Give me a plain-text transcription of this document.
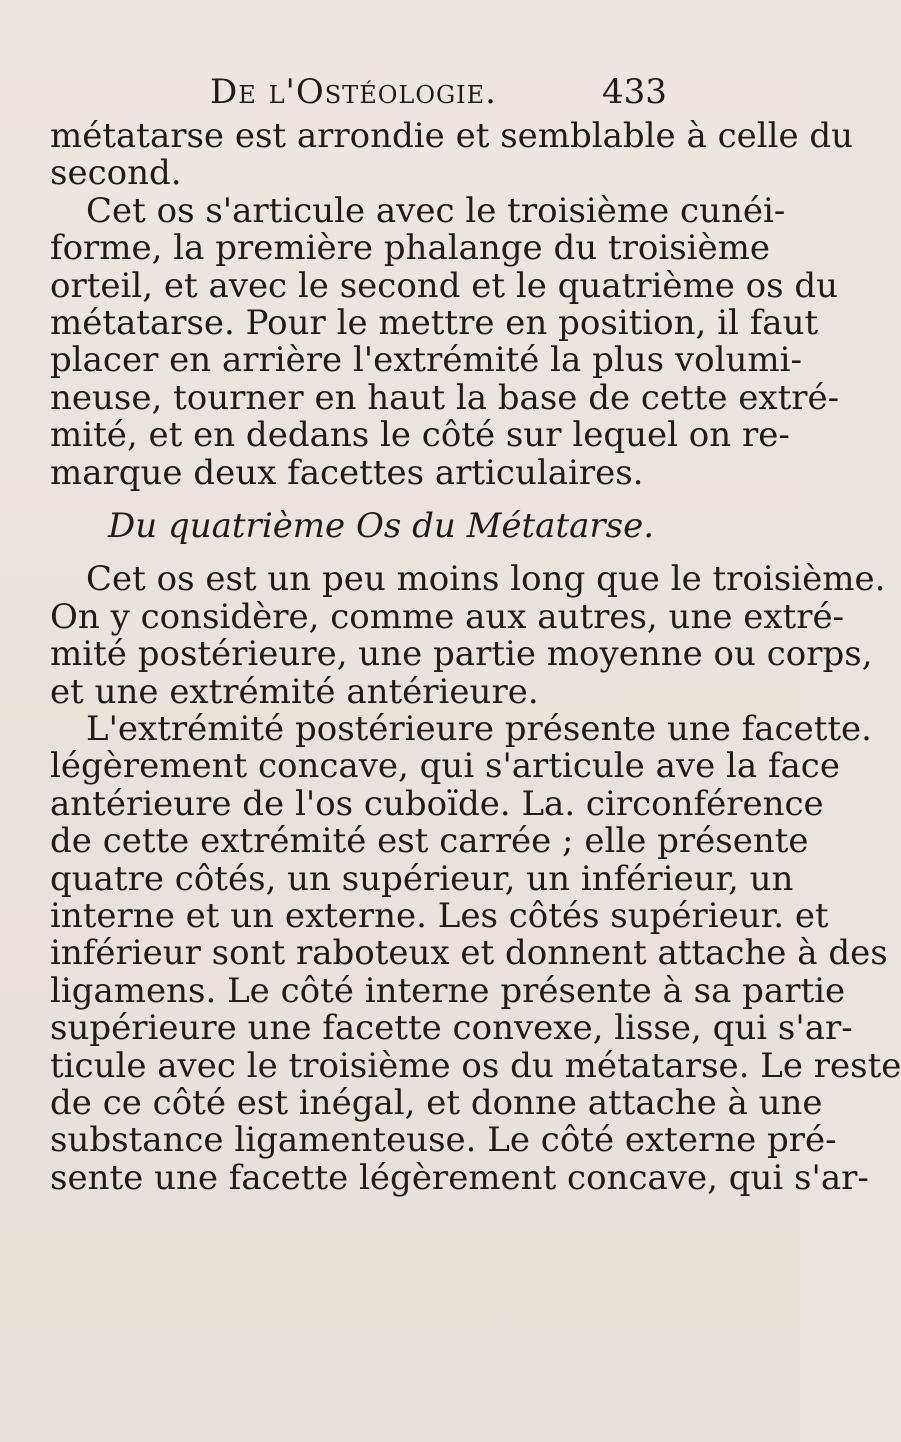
De l'Ostéologie.	433
métatarse est arrondie et semblable à celle du
second.
Cet os s'articule avec le troisième cunéi-
forme, la première phalange du troisième
orteil, et avec le second et le quatrième os du
métatarse. Pour le mettre en position, il faut
placer en arrière l'extrémité la plus volumi-
neuse, tourner en haut la base de cette extré-
mité, et en dedans le côté sur lequel on re-
marque deux facettes articulaires.
Du quatrième Os du Métatarse.
Cet os est un peu moins long que le troisième.
On y considère, comme aux autres, une extré-
mité postérieure, une partie moyenne ou corps,
et une extrémité antérieure.
L'extrémité postérieure présente une facette.
légèrement concave, qui s'articule ave la face
antérieure de l'os cuboïde. La. circonférence
de cette extrémité est carrée ; elle présente
quatre côtés, un supérieur, un inférieur, un
interne et un externe. Les côtés supérieur. et
inférieur sont raboteux et donnent attache à des
ligamens. Le côté interne présente à sa partie
supérieure une facette convexe, lisse, qui s'ar-
ticule avec le troisième os du métatarse. Le reste
de ce côté est inégal, et donne attache à une
substance ligamenteuse. Le côté externe pré-
sente une facette légèrement concave, qui s'ar-
